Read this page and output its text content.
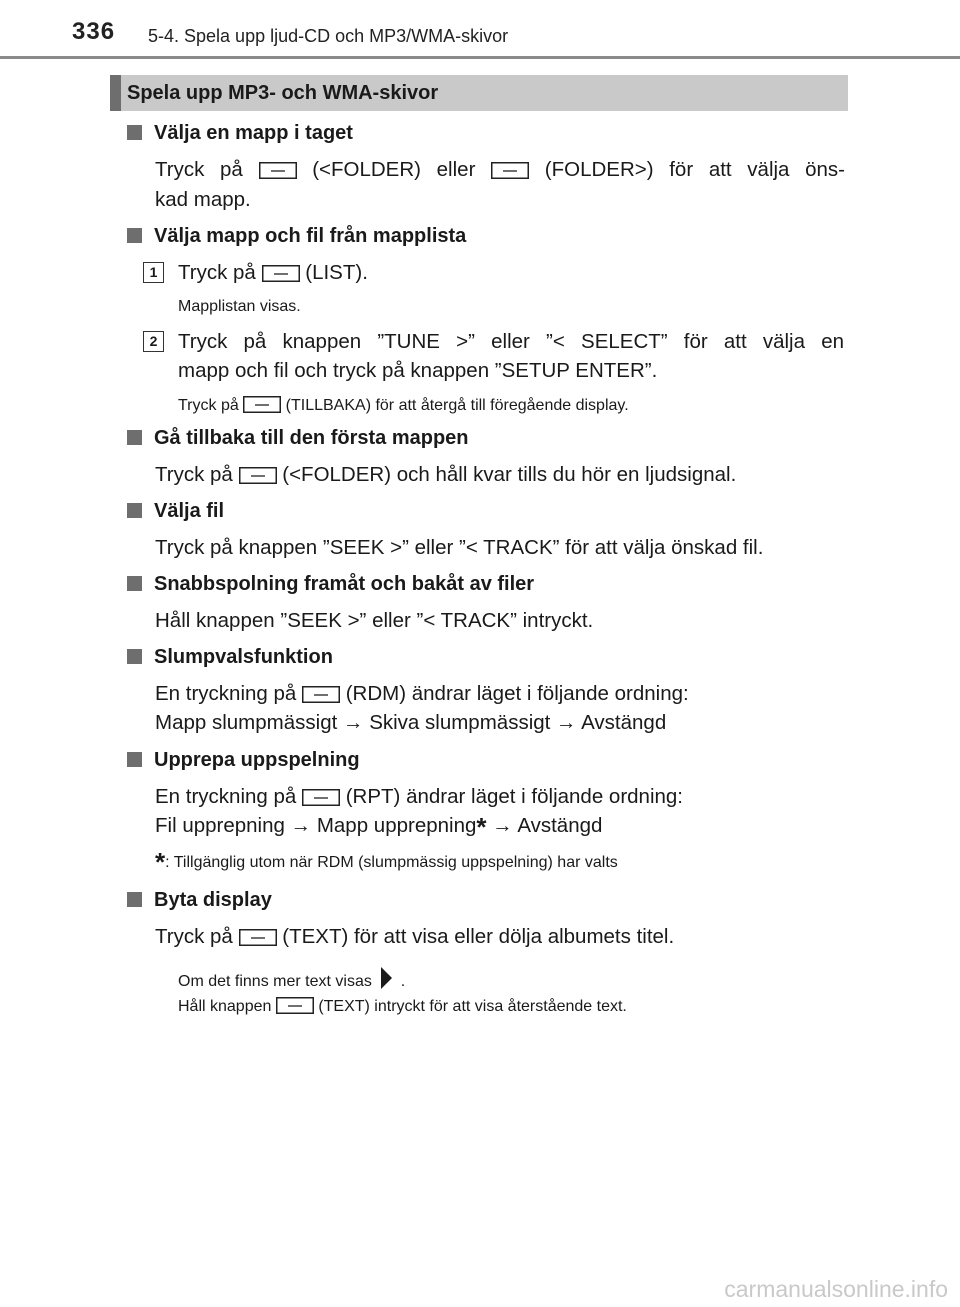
336 5-4. Spela upp ljud-CD och MP3/WMA-skivor
Spela upp MP3- och WMA-skivor
Välja en mapp i taget
Tryck på	(<FOLDER) eller	(FOLDER>) för att välja öns-
kad mapp.
Välja mapp och fil från mapplista
1	Tryck på (LIST).
Mapplistan visas.
2	Tryck på knappen ”TUNE >” eller ”< SELECT” för att välja en
mapp och fil och tryck på knappen ”SETUP ENTER”.
Tryck på	(TILLBAKA) för att återgå till föregående display.
Gå tillbaka till den första mappen
Tryck på (<FOLDER) och håll kvar tills du hör en ljudsignal.
Välja fil
Tryck på knappen ”SEEK >” eller ”< TRACK” för att välja önskad fil.
Snabbspolning framåt och bakåt av filer
Håll knappen ”SEEK >” eller ”< TRACK” intryckt.
Slumpvalsfunktion
En tryckning på (RDM) ändrar läget i följande ordning:
Mapp slumpmässigt → Skiva slumpmässigt → Avstängd
Upprepa uppspelning
En tryckning på (RPT) ändrar läget i följande ordning:
Fil upprepning → Mapp upprepning* → Avstängd
*: Tillgänglig utom när RDM (slumpmässig uppspelning) har valts
Byta display
Tryck på (TEXT) för att visa eller dölja albumets titel.
Om det finns mer text visas .
Håll knappen	(TEXT) intryckt för att visa återstående text.
carmanualsonline.info
